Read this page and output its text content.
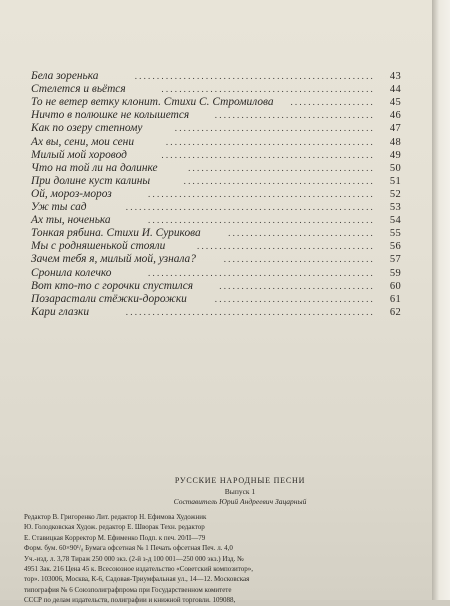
Бела зоренька	...................................................... 43
Стелется и вьётся	................................................ 44
То не ветер ветку клонит. Стихи С. Стромилова ................... 45
Ничто в полюшке не колышется	.................................... 46
Как по озеру степному	............................................. 47
Ах вы, сени, мои сени	............................................... 48
Милый мой хоровод	................................................ 49
Что на той ли на долинке	.......................................... 50
При долине куст калины	........................................... 51
Ой, мороз-мороз	................................................... 52
Уж ты сад	........................................................ 53
Ах ты, ноченька	................................................... 54
Тонкая рябина. Стихи И. Сурикова	................................. 55
Мы с родняшенькой стояли	........................................ 56
Зачем тебя я, милый мой, узнала?	.................................. 57
Сронила колечко	................................................... 59
Вот кто-то с горочки спустился	................................... 60
Позарастали стёжки-дорожки	.................................... 61
Кари глазки	........................................................ 62
РУССКИЕ НАРОДНЫЕ ПЕСНИ
Выпуск 1
Составитель Юрий Андреевич Зацарный
Редактор В. Григоренко Лит. редактор Н. Ефимова Художник
Ю. Голодковская Худож. редактор Е. Шворак Техн. редактор
Е. Ставицкая Корректор М. Ефименко Подп. к печ. 20/II—79
Форм. бум. 60×90¹/₈ Бумага офсетная № 1 Печать офсетная Печ. л. 4,0
Уч.-изд. л. 3,78 Тираж 250 000 экз. (2-й з-д 100 001—250 000 экз.) Изд. №
4951 Зак. 216 Цена 45 к. Всесоюзное издательство «Советский композитор»,
тор». 103006, Москва, К-6, Садовая-Триумфальная ул., 14—12. Московская
типография № 6 Союзполиграфпрома при Государственном комитете
СССР по делам издательств, полиграфии и книжной торговли. 109088,
